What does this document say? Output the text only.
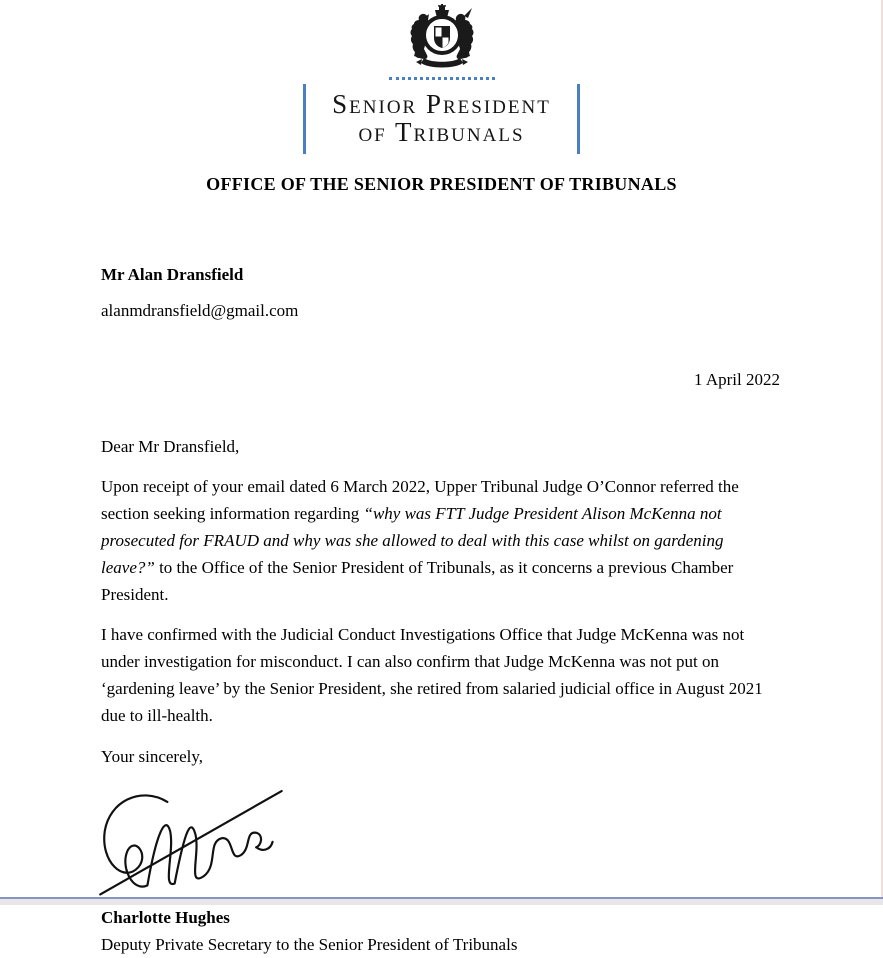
Senior President
of Tribunals
OFFICE OF THE SENIOR PRESIDENT OF TRIBUNALS
Mr Alan Dransfield
alanmdransfield@gmail.com
1 April 2022
Dear Mr Dransfield,

Upon receipt of your email dated 6 March 2022, Upper Tribunal Judge O’Connor referred the section seeking information regarding “why was FTT Judge President Alison McKenna not prosecuted for FRAUD and why was she allowed to deal with this case whilst on gardening leave?” to the Office of the Senior President of Tribunals, as it concerns a previous Chamber President.

I have confirmed with the Judicial Conduct Investigations Office that Judge McKenna was not under investigation for misconduct. I can also confirm that Judge McKenna was not put on ‘gardening leave’ by the Senior President, she retired from salaried judicial office in August 2021 due to ill-health.

Your sincerely,
Charlotte Hughes
Deputy Private Secretary to the Senior President of Tribunals
